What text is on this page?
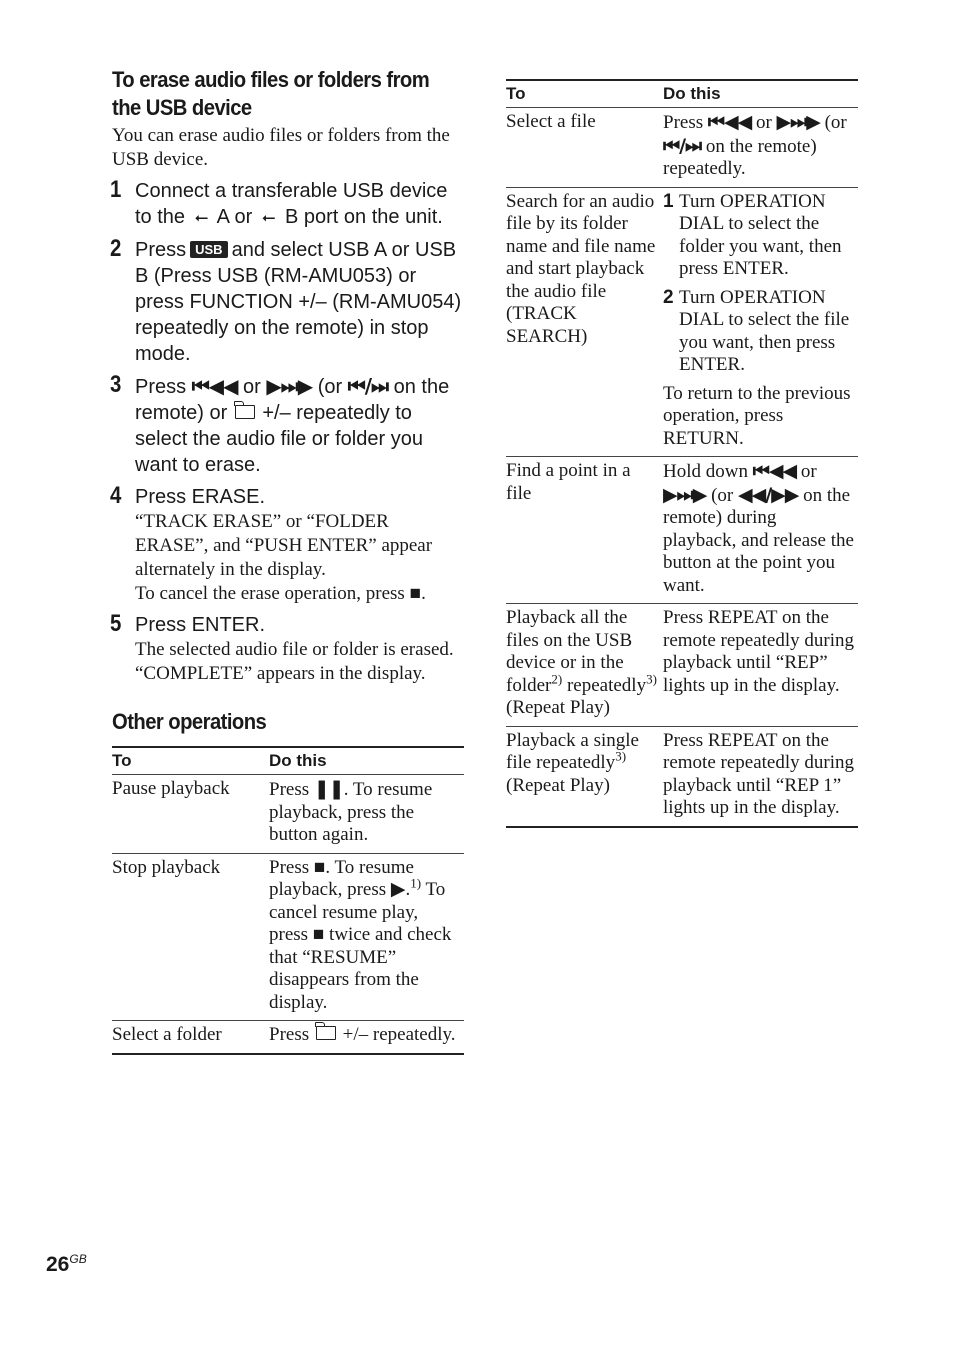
To erase audio files or folders from the USB device

You can erase audio files or folders from the USB device.

1 Connect a transferable USB device to the ⭠ A or ⭠ B port on the unit.
2 Press USB and select USB A or USB B (Press USB (RM-AMU053) or press FUNCTION +/– (RM-AMU054) repeatedly on the remote) in stop mode.
3 Press ⏮◀◀ or ▶⏭▶ (or ⏮/⏭ on the remote) or +/– repeatedly to select the audio file or folder you want to erase.
4 Press ERASE.
“TRACK ERASE” or “FOLDER ERASE”, and “PUSH ENTER” appear alternately in the display.
To cancel the erase operation, press ■.
5 Press ENTER.
The selected audio file or folder is erased.
“COMPLETE” appears in the display.
Other operations
To	Do this
Pause playback	Press ❚❚. To resume playback, press the button again.
Stop playback	Press ■. To resume playback, press ▶.$^{1)}$ To cancel resume play, press ■ twice and check that “RESUME” disappears from the display.
Select a folder	Press +/– repeatedly.
To	Do this
Select a file	Press ⏮◀◀ or ▶⏭▶ (or ⏮/⏭ on the remote) repeatedly.
Search for an audio file by its folder name and file name and start playback the audio file (TRACK SEARCH)	1 Turn OPERATION DIAL to select the folder you want, then press ENTER.
2 Turn OPERATION DIAL to select the file you want, then press ENTER.
To return to the previous operation, press RETURN.

Find a point in a file	Hold down ⏮◀◀ or ▶⏭▶ (or ◀◀/▶▶ on the remote) during playback, and release the button at the point you want.
Playback all the files on the USB device or in the folder$^{2)}$ repeatedly$^{3)}$ (Repeat Play)	Press REPEAT on the remote repeatedly during playback until “REP” lights up in the display.
Playback a single file repeatedly$^{3)}$ (Repeat Play)	Press REPEAT on the remote repeatedly during playback until “REP 1” lights up in the display.
$26^{GB}$
